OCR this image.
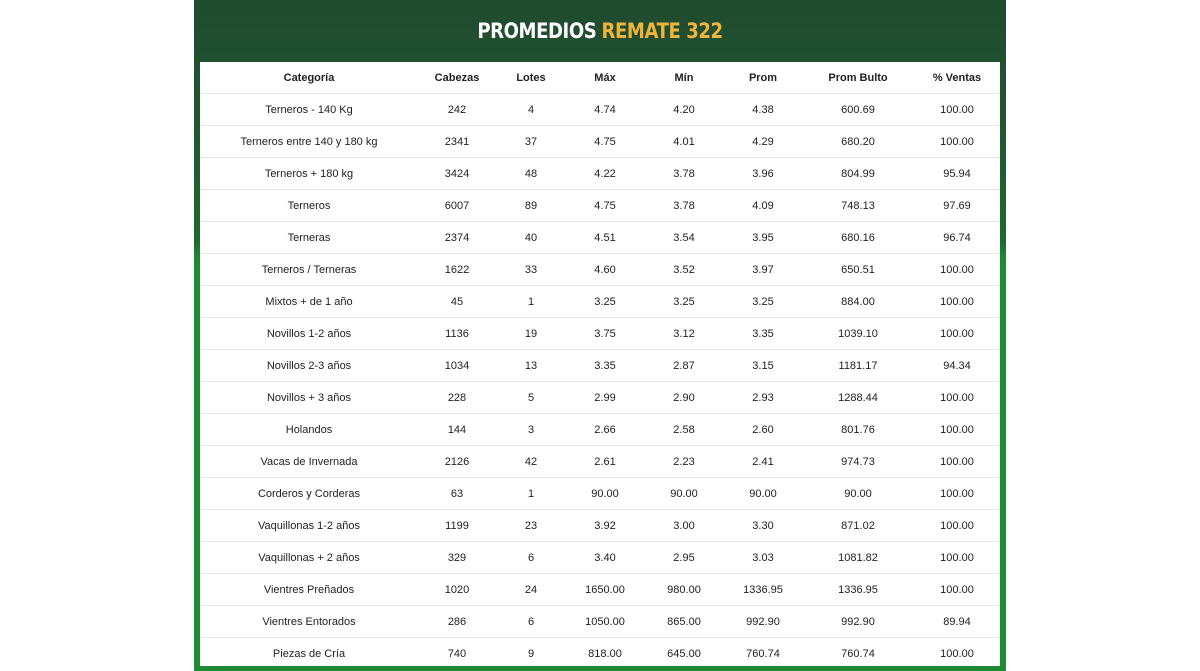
PROMEDIOS REMATE 322
Categoría	Cabezas	Lotes	Máx	Mín	Prom	Prom Bulto	% Ventas
Terneros - 140 Kg	242	4	4.74	4.20	4.38	600.69	100.00
Terneros entre 140 y 180 kg	2341	37	4.75	4.01	4.29	680.20	100.00
Terneros + 180 kg	3424	48	4.22	3.78	3.96	804.99	95.94
Terneros	6007	89	4.75	3.78	4.09	748.13	97.69
Terneras	2374	40	4.51	3.54	3.95	680.16	96.74
Terneros / Terneras	1622	33	4.60	3.52	3.97	650.51	100.00
Mixtos + de 1 año	45	1	3.25	3.25	3.25	884.00	100.00
Novillos 1-2 años	1136	19	3.75	3.12	3.35	1039.10	100.00
Novillos 2-3 años	1034	13	3.35	2.87	3.15	1181.17	94.34
Novillos + 3 años	228	5	2.99	2.90	2.93	1288.44	100.00
Holandos	144	3	2.66	2.58	2.60	801.76	100.00
Vacas de Invernada	2126	42	2.61	2.23	2.41	974.73	100.00
Corderos y Corderas	63	1	90.00	90.00	90.00	90.00	100.00
Vaquillonas 1-2 años	1199	23	3.92	3.00	3.30	871.02	100.00
Vaquillonas + 2 años	329	6	3.40	2.95	3.03	1081.82	100.00
Vientres Preñados	1020	24	1650.00	980.00	1336.95	1336.95	100.00
Vientres Entorados	286	6	1050.00	865.00	992.90	992.90	89.94
Piezas de Cría	740	9	818.00	645.00	760.74	760.74	100.00
